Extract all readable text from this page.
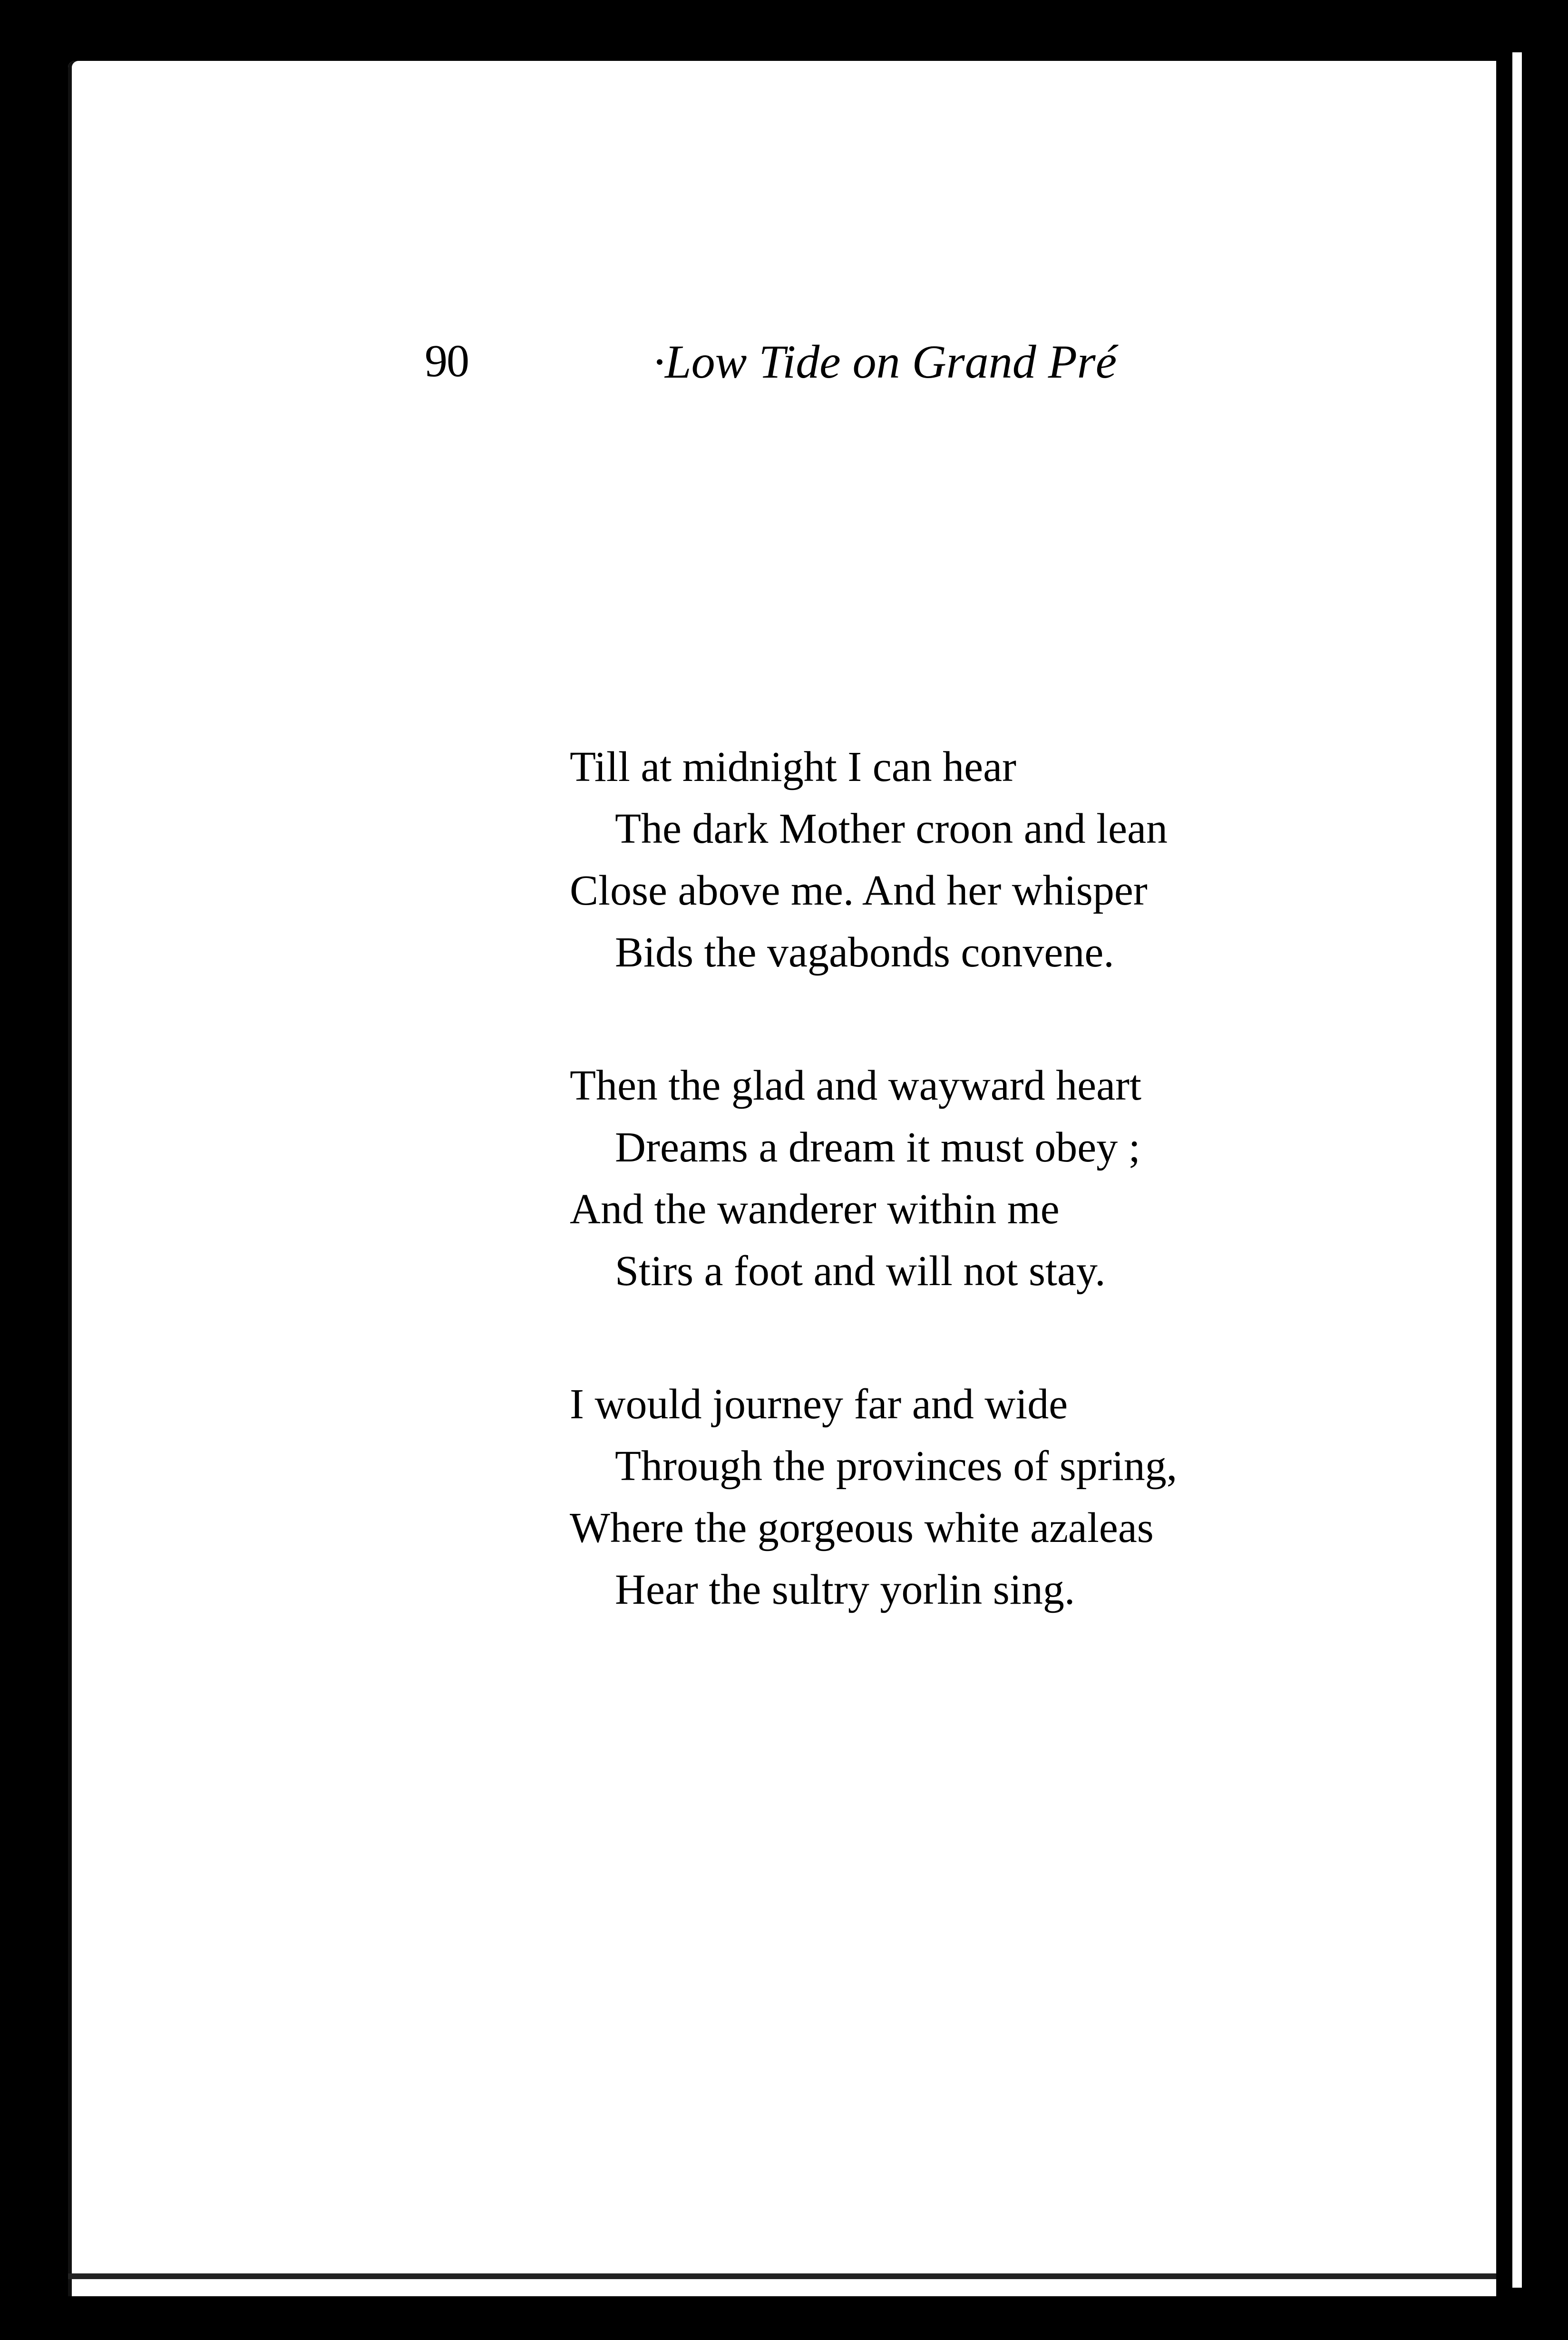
90	·Low Tide on Grand Pré
Till at midnight I can hear
The dark Mother croon and lean
Close above me. And her whisper
Bids the vagabonds convene.
Then the glad and wayward heart
Dreams a dream it must obey ;
And the wanderer within me
Stirs a foot and will not stay.
I would journey far and wide
Through the provinces of spring,
Where the gorgeous white azaleas
Hear the sultry yorlin sing.
